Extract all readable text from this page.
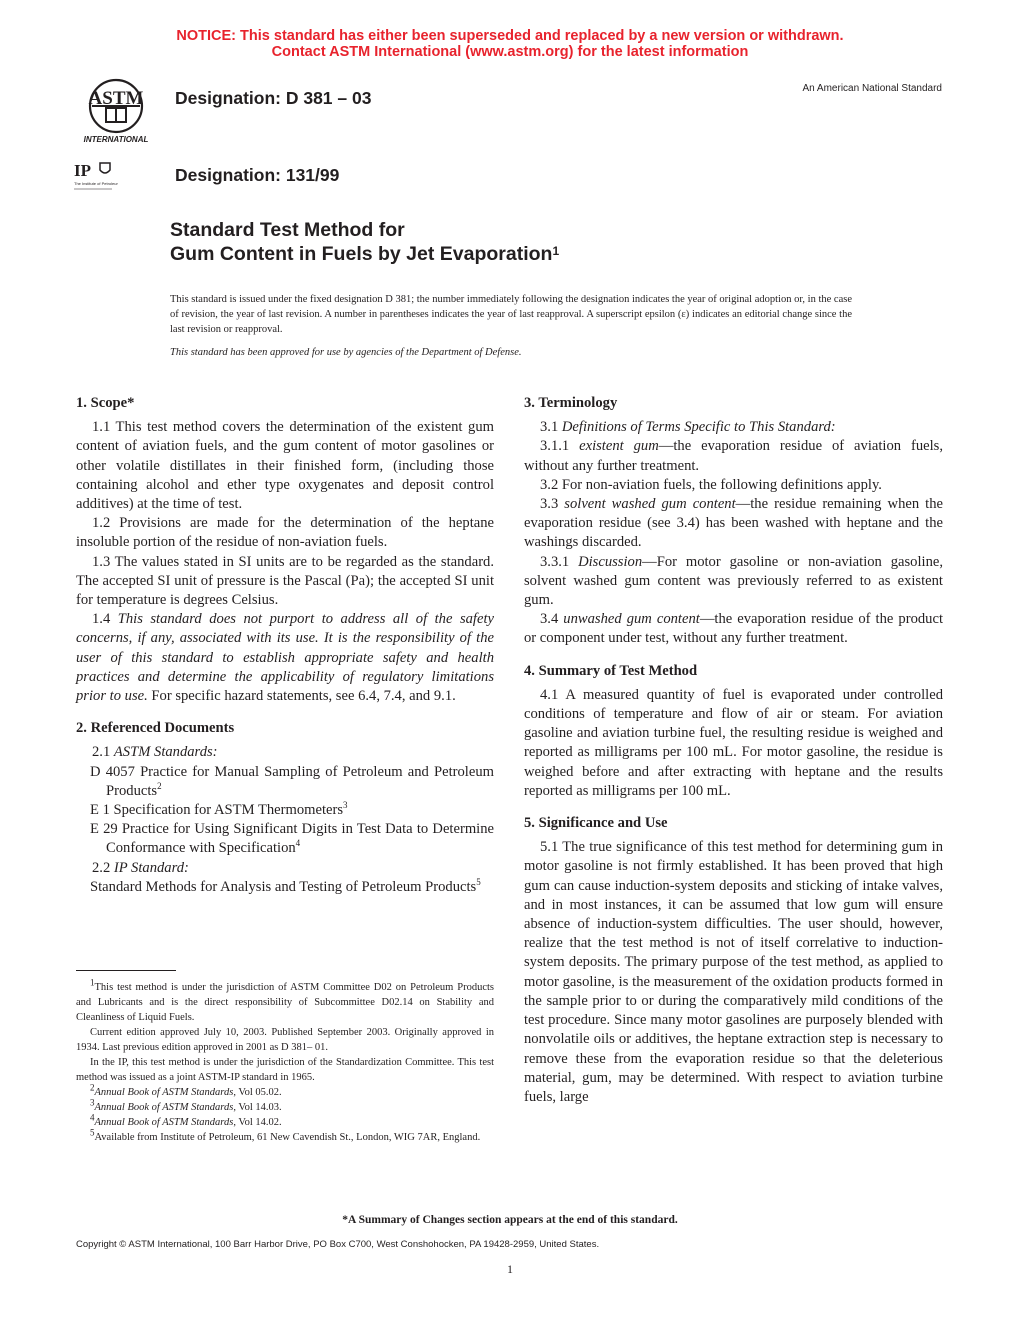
NOTICE: This standard has either been superseded and replaced by a new version or withdrawn.
Contact ASTM International (www.astm.org) for the latest information
ASTM
INTERNATIONAL
IP
The Institute of Petroleum
Designation: D 381 – 03
Designation: 131/99
An American National Standard
Standard Test Method for
Gum Content in Fuels by Jet Evaporation$^1$
This standard is issued under the fixed designation D 381; the number immediately following the designation indicates the year of original adoption or, in the case of revision, the year of last revision. A number in parentheses indicates the year of last reapproval. A superscript epsilon (ε) indicates an editorial change since the last revision or reapproval.
This standard has been approved for use by agencies of the Department of Defense.
1. Scope*

1.1 This test method covers the determination of the existent gum content of aviation fuels, and the gum content of motor gasolines or other volatile distillates in their finished form, (including those containing alcohol and ether type oxygenates and deposit control additives) at the time of test.

1.2 Provisions are made for the determination of the heptane insoluble portion of the residue of non-aviation fuels.

1.3 The values stated in SI units are to be regarded as the standard. The accepted SI unit of pressure is the Pascal (Pa); the accepted SI unit for temperature is degrees Celsius.

1.4 This standard does not purport to address all of the safety concerns, if any, associated with its use. It is the responsibility of the user of this standard to establish appropriate safety and health practices and determine the applicability of regulatory limitations prior to use. For specific hazard statements, see 6.4, 7.4, and 9.1.

2. Referenced Documents

2.1 ASTM Standards:

D 4057 Practice for Manual Sampling of Petroleum and Petroleum Products$^2$

E 1 Specification for ASTM Thermometers$^3$

E 29 Practice for Using Significant Digits in Test Data to Determine Conformance with Specification$^4$

2.2 IP Standard:

Standard Methods for Analysis and Testing of Petroleum Products$^5$

$^1$This test method is under the jurisdiction of ASTM Committee D02 on Petroleum Products and Lubricants and is the direct responsibility of Subcommittee D02.14 on Stability and Cleanliness of Liquid Fuels.

Current edition approved July 10, 2003. Published September 2003. Originally approved in 1934. Last previous edition approved in 2001 as D 381– 01.

In the IP, this test method is under the jurisdiction of the Standardization Committee. This test method was issued as a joint ASTM-IP standard in 1965.

$^2$Annual Book of ASTM Standards, Vol 05.02.

$^3$Annual Book of ASTM Standards, Vol 14.03.

$^4$Annual Book of ASTM Standards, Vol 14.02.

$^5$Available from Institute of Petroleum, 61 New Cavendish St., London, WIG 7AR, England.

3. Terminology

3.1 Definitions of Terms Specific to This Standard:

3.1.1 existent gum—the evaporation residue of aviation fuels, without any further treatment.

3.2 For non-aviation fuels, the following definitions apply.

3.3 solvent washed gum content—the residue remaining when the evaporation residue (see 3.4) has been washed with heptane and the washings discarded.

3.3.1 Discussion—For motor gasoline or non-aviation gasoline, solvent washed gum content was previously referred to as existent gum.

3.4 unwashed gum content—the evaporation residue of the product or component under test, without any further treatment.

4. Summary of Test Method

4.1 A measured quantity of fuel is evaporated under controlled conditions of temperature and flow of air or steam. For aviation gasoline and aviation turbine fuel, the resulting residue is weighed and reported as milligrams per 100 mL. For motor gasoline, the residue is weighed before and after extracting with heptane and the results reported as milligrams per 100 mL.

5. Significance and Use

5.1 The true significance of this test method for determining gum in motor gasoline is not firmly established. It has been proved that high gum can cause induction-system deposits and sticking of intake valves, and in most instances, it can be assumed that low gum will ensure absence of induction-system difficulties. The user should, however, realize that the test method is not of itself correlative to induction-system deposits. The primary purpose of the test method, as applied to motor gasoline, is the measurement of the oxidation products formed in the sample prior to or during the comparatively mild conditions of the test procedure. Since many motor gasolines are purposely blended with nonvolatile oils or additives, the heptane extraction step is necessary to remove these from the evaporation residue so that the deleterious material, gum, may be determined. With respect to aviation turbine fuels, large

*A Summary of Changes section appears at the end of this standard.
Copyright © ASTM International, 100 Barr Harbor Drive, PO Box C700, West Conshohocken, PA 19428-2959, United States.
1
